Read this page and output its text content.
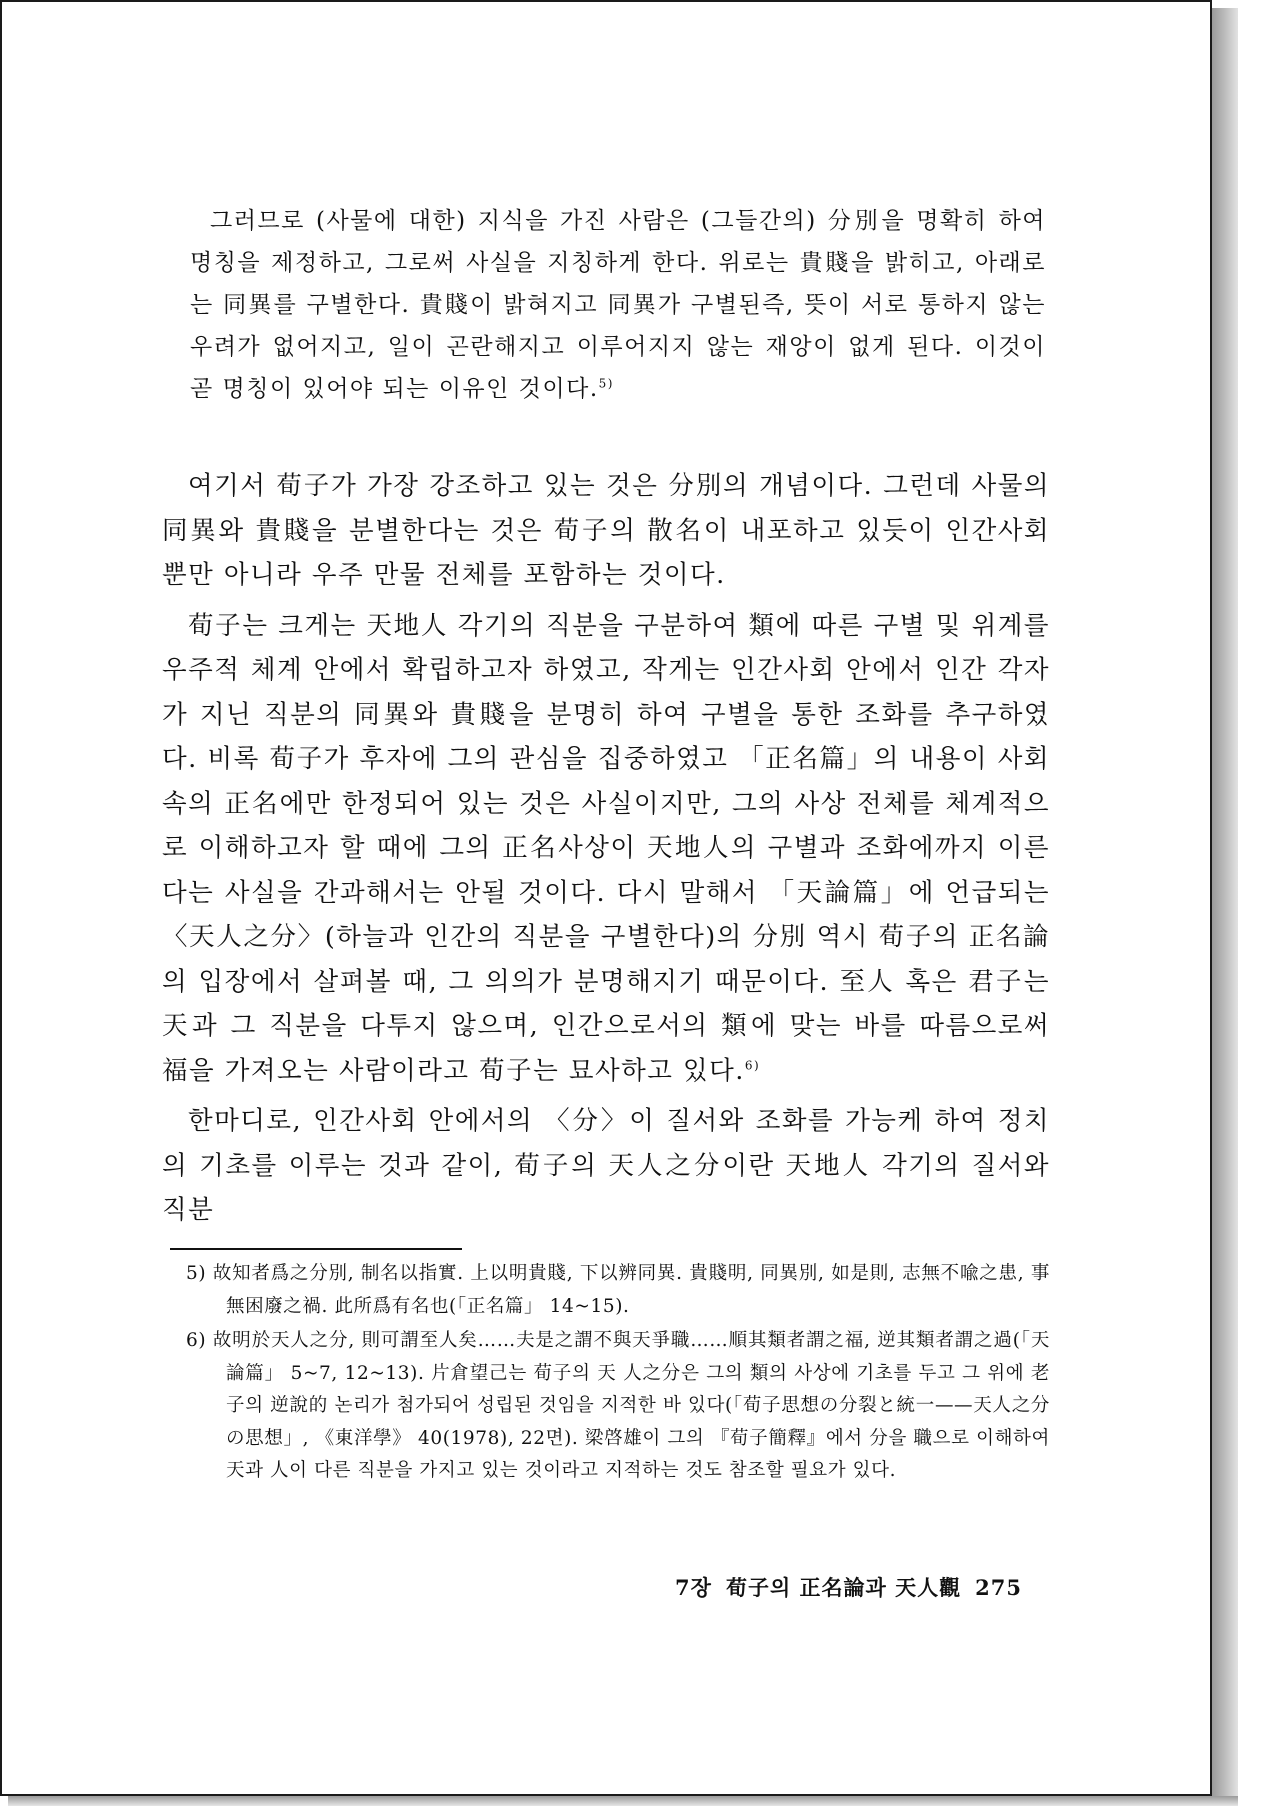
그러므로 (사물에 대한) 지식을 가진 사람은 (그들간의) 分別을 명확히 하여 명칭을 제정하고, 그로써 사실을 지칭하게 한다. 위로는 貴賤을 밝히고, 아래로는 同異를 구별한다. 貴賤이 밝혀지고 同異가 구별된즉, 뜻이 서로 통하지 않는 우려가 없어지고, 일이 곤란해지고 이루어지지 않는 재앙이 없게 된다. 이것이 곧 명칭이 있어야 되는 이유인 것이다.$^{5)}$

여기서 荀子가 가장 강조하고 있는 것은 分別의 개념이다. 그런데 사물의 同異와 貴賤을 분별한다는 것은 荀子의 散名이 내포하고 있듯이 인간사회뿐만 아니라 우주 만물 전체를 포함하는 것이다.

荀子는 크게는 天地人 각기의 직분을 구분하여 類에 따른 구별 및 위계를 우주적 체계 안에서 확립하고자 하였고, 작게는 인간사회 안에서 인간 각자가 지닌 직분의 同異와 貴賤을 분명히 하여 구별을 통한 조화를 추구하였다. 비록 荀子가 후자에 그의 관심을 집중하였고 「正名篇」의 내용이 사회 속의 正名에만 한정되어 있는 것은 사실이지만, 그의 사상 전체를 체계적으로 이해하고자 할 때에 그의 正名사상이 天地人의 구별과 조화에까지 이른다는 사실을 간과해서는 안될 것이다. 다시 말해서 「天論篇」에 언급되는 〈天人之分〉(하늘과 인간의 직분을 구별한다)의 分別 역시 荀子의 正名論의 입장에서 살펴볼 때, 그 의의가 분명해지기 때문이다. 至人 혹은 君子는 天과 그 직분을 다투지 않으며, 인간으로서의 類에 맞는 바를 따름으로써 福을 가져오는 사람이라고 荀子는 묘사하고 있다.$^{6)}$

한마디로, 인간사회 안에서의 〈分〉이 질서와 조화를 가능케 하여 정치의 기초를 이루는 것과 같이, 荀子의 天人之分이란 天地人 각기의 질서와 직분

5) 故知者爲之分別, 制名以指實. 上以明貴賤, 下以辨同異. 貴賤明, 同異別, 如是則, 志無不喩之患, 事無困廢之禍. 此所爲有名也(「正名篇」 14~15).

6) 故明於天人之分, 則可謂至人矣……夫是之謂不與天爭職……順其類者謂之福, 逆其類者謂之過(「天論篇」 5~7, 12~13). 片倉望己는 荀子의 天 人之分은 그의 類의 사상에 기초를 두고 그 위에 老子의 逆說的 논리가 첨가되어 성립된 것임을 지적한 바 있다(「荀子思想の分裂と統一——天人之分の思想」, 《東洋學》 40(1978), 22면). 梁啓雄이 그의 『荀子簡釋』에서 分을 職으로 이해하여 天과 人이 다른 직분을 가지고 있는 것이라고 지적하는 것도 참조할 필요가 있다.

7장 荀子의 正名論과 天人觀 275
